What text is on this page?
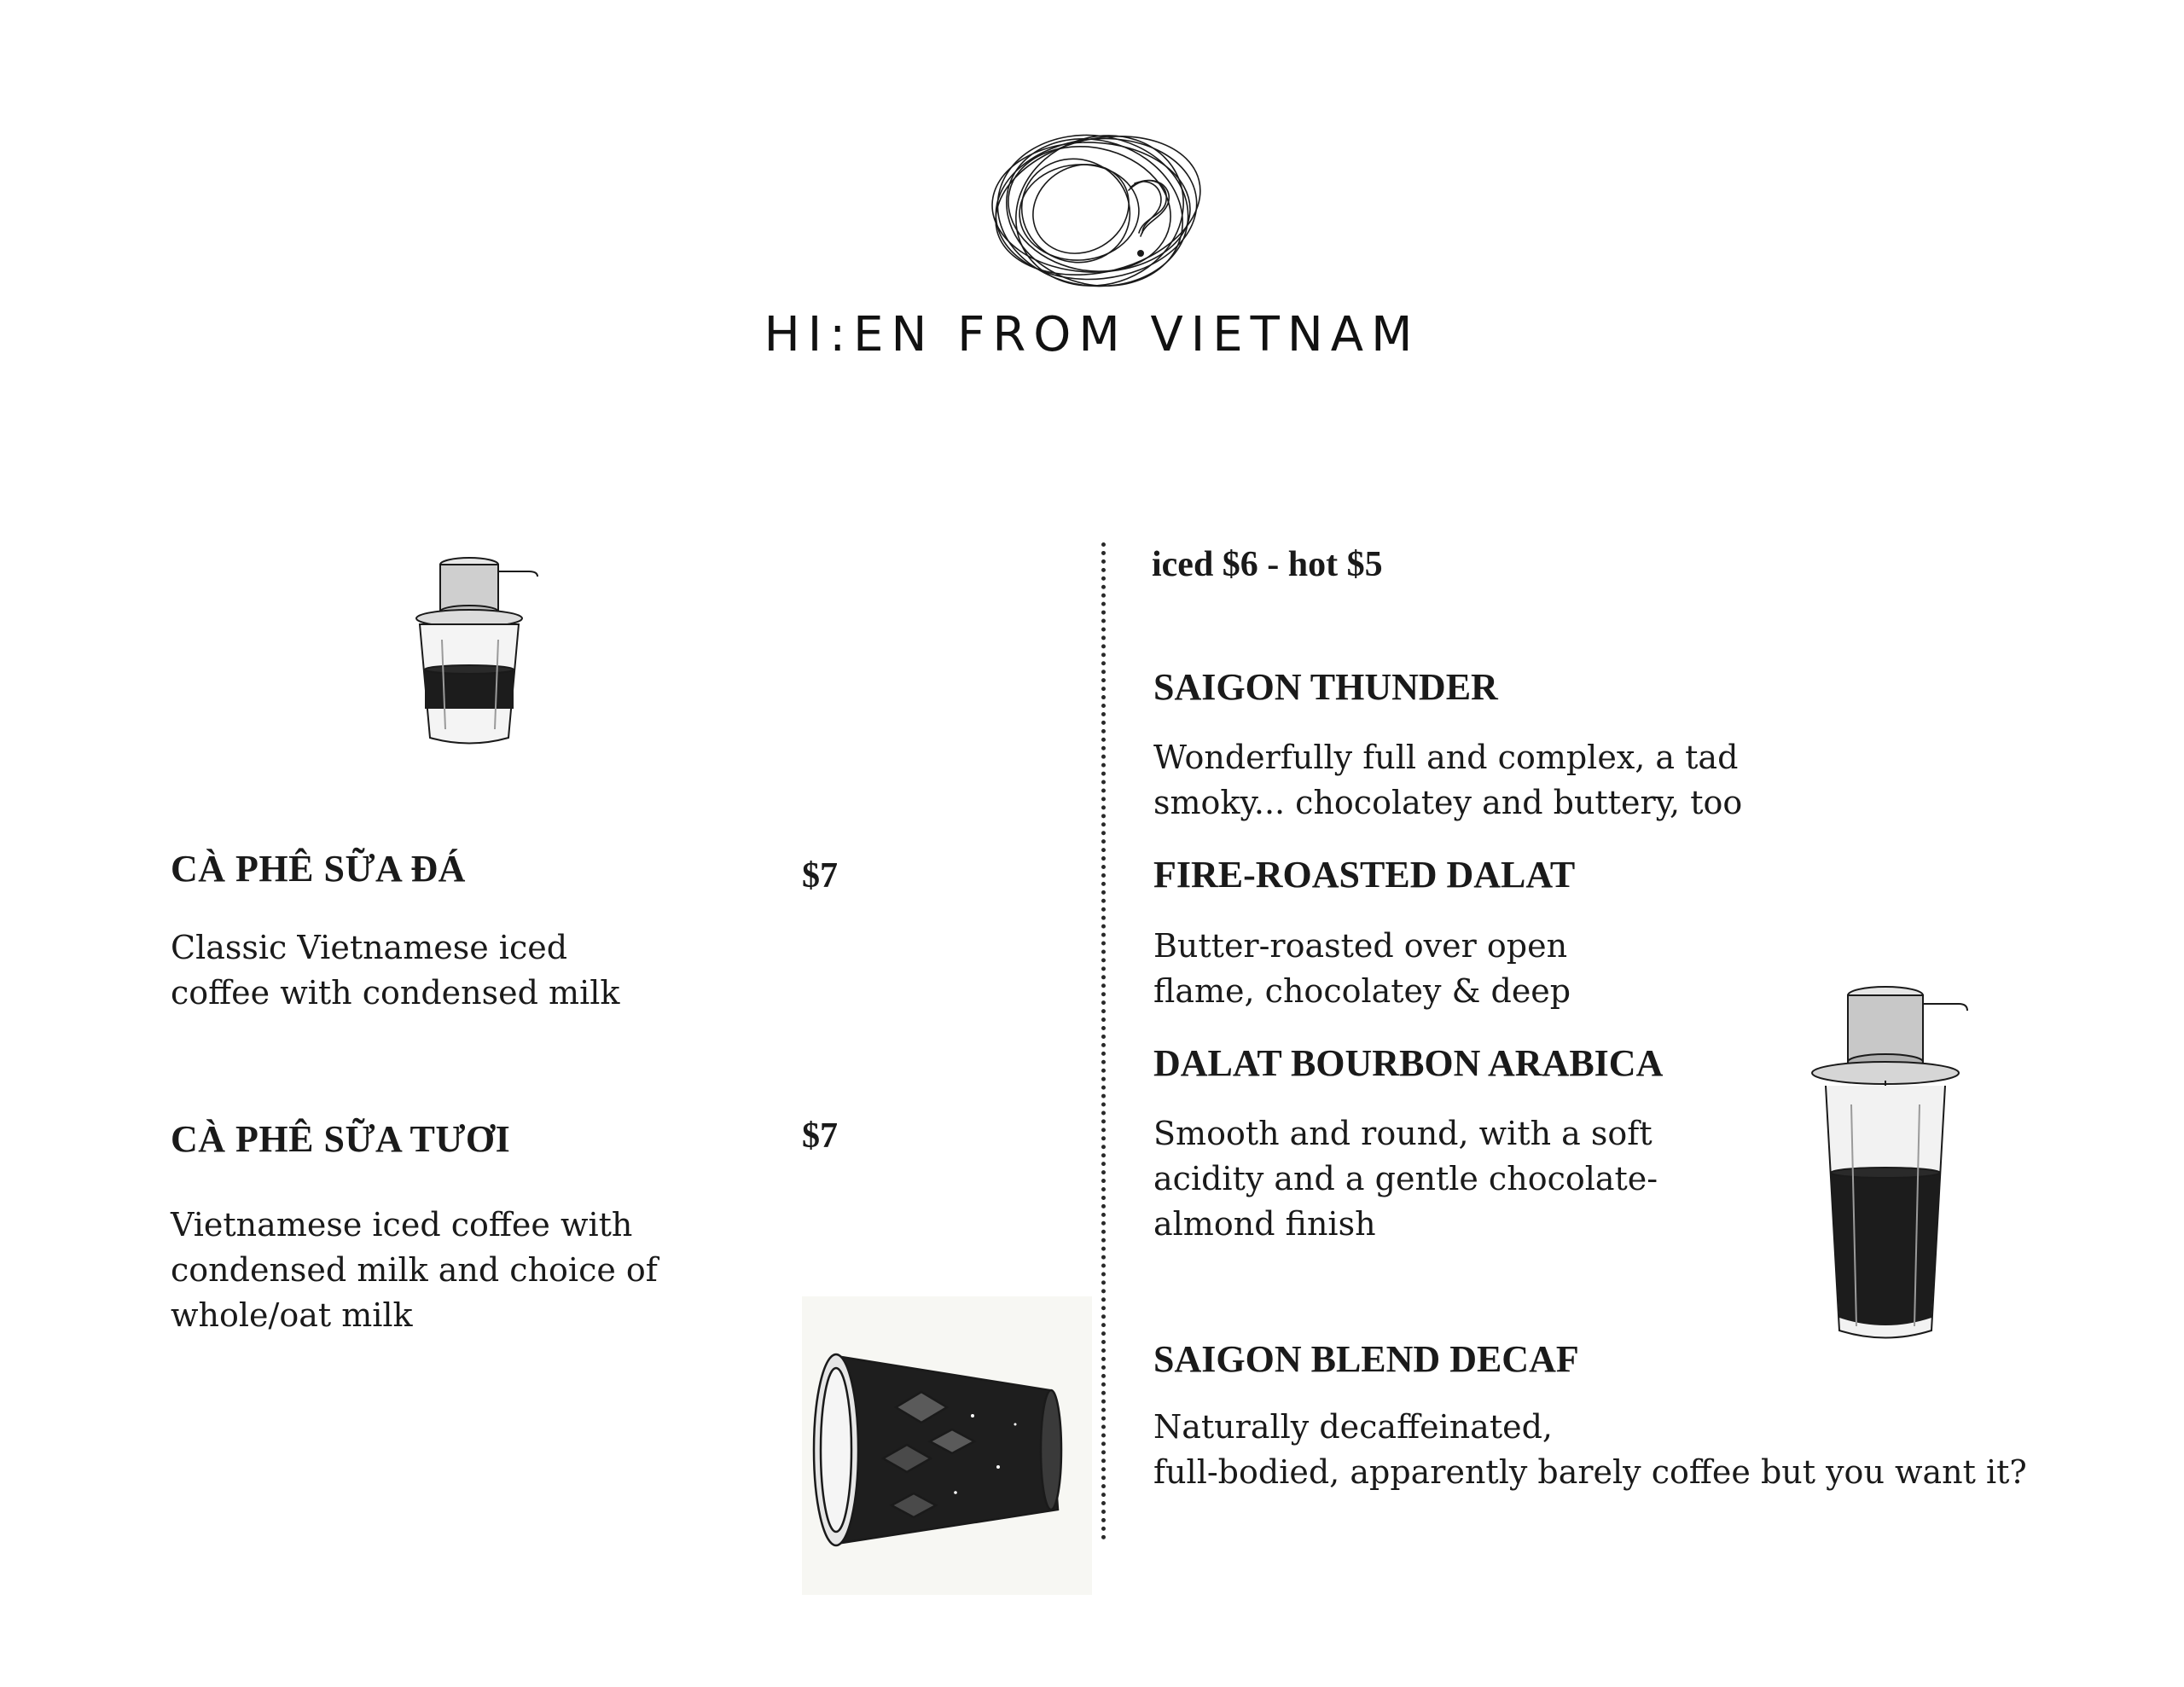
HI:EN FROM VIETNAM
CÀ PHÊ SỮA ĐÁ	$7
Classic Vietnamese iced
coffee with condensed milk
CÀ PHÊ SỮA TƯƠI	$7
Vietnamese iced coffee with
condensed milk and choice of
whole/oat milk
iced $6 - hot $5
SAIGON THUNDER
Wonderfully full and complex, a tad
smoky... chocolatey and buttery, too
FIRE-ROASTED DALAT
Butter-roasted over open
flame, chocolatey & deep
DALAT BOURBON ARABICA
Smooth and round, with a soft
acidity and a gentle chocolate-
almond finish
SAIGON BLEND DECAF
Naturally decaffeinated,
full-bodied, apparently barely coffee but you want it?
